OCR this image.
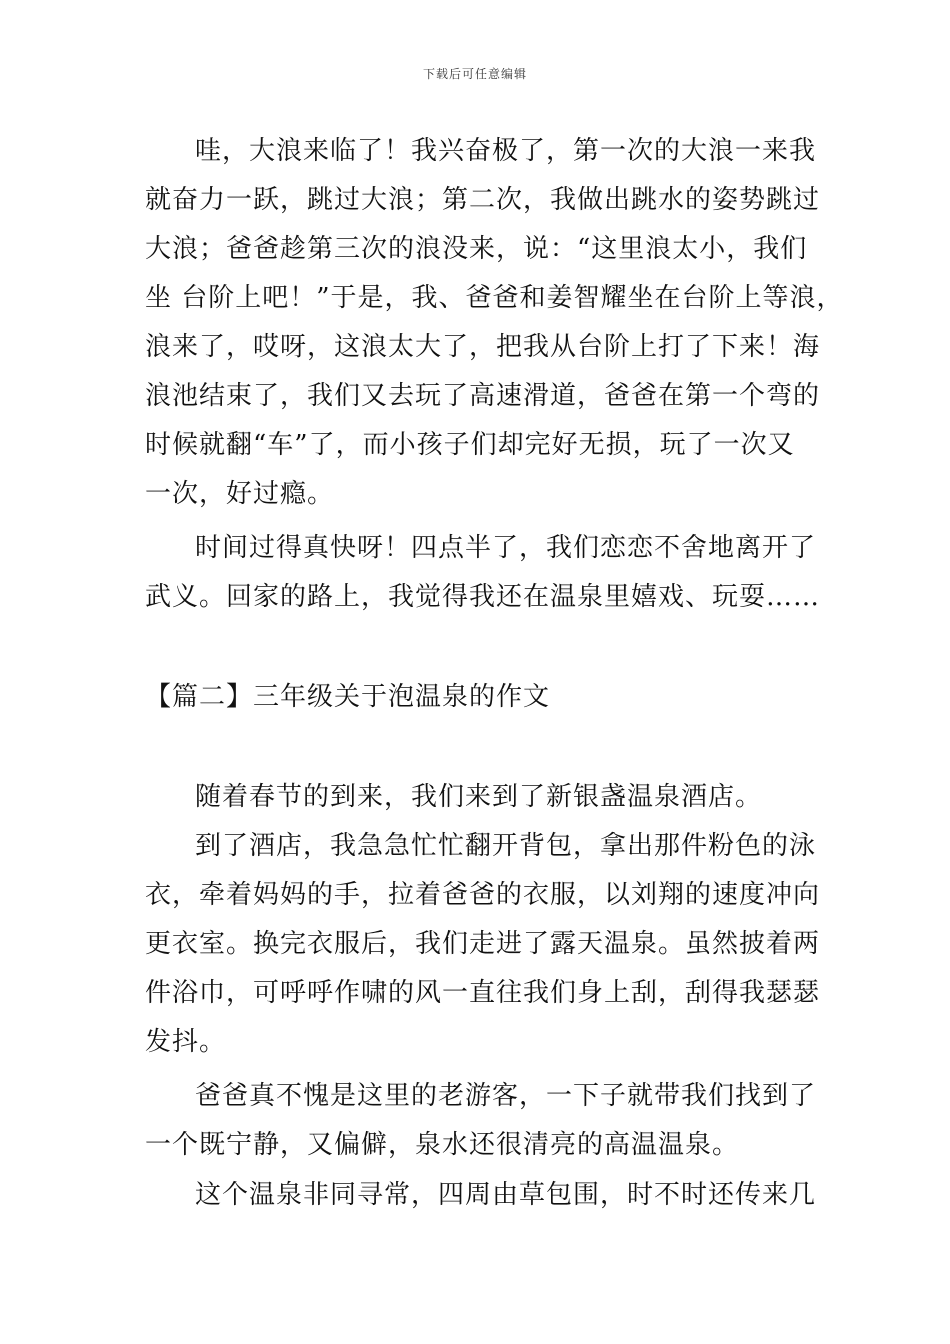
下载后可任意编辑
哇，大浪来临了！我兴奋极了，第一次的大浪一来我
就奋力一跃，跳过大浪；第二次，我做出跳水的姿势跳过
大浪；爸爸趁第三次的浪没来，说：“这里浪太小，我们
坐 台阶上吧！”于是，我、爸爸和姜智耀坐在台阶上等浪，
浪来了，哎呀，这浪太大了，把我从台阶上打了下来！海
浪池结束了，我们又去玩了高速滑道，爸爸在第一个弯的
时候就翻“车”了，而小孩子们却完好无损，玩了一次又
一次，好过瘾。
时间过得真快呀！四点半了，我们恋恋不舍地离开了
武义。回家的路上，我觉得我还在温泉里嬉戏、玩耍……
【篇二】三年级关于泡温泉的作文
随着春节的到来，我们来到了新银盏温泉酒店。
到了酒店，我急急忙忙翻开背包，拿出那件粉色的泳
衣，牵着妈妈的手，拉着爸爸的衣服，以刘翔的速度冲向
更衣室。换完衣服后，我们走进了露天温泉。虽然披着两
件浴巾，可呼呼作啸的风一直往我们身上刮，刮得我瑟瑟
发抖。
爸爸真不愧是这里的老游客，一下子就带我们找到了
一个既宁静，又偏僻，泉水还很清亮的高温温泉。
这个温泉非同寻常，四周由草包围，时不时还传来几
